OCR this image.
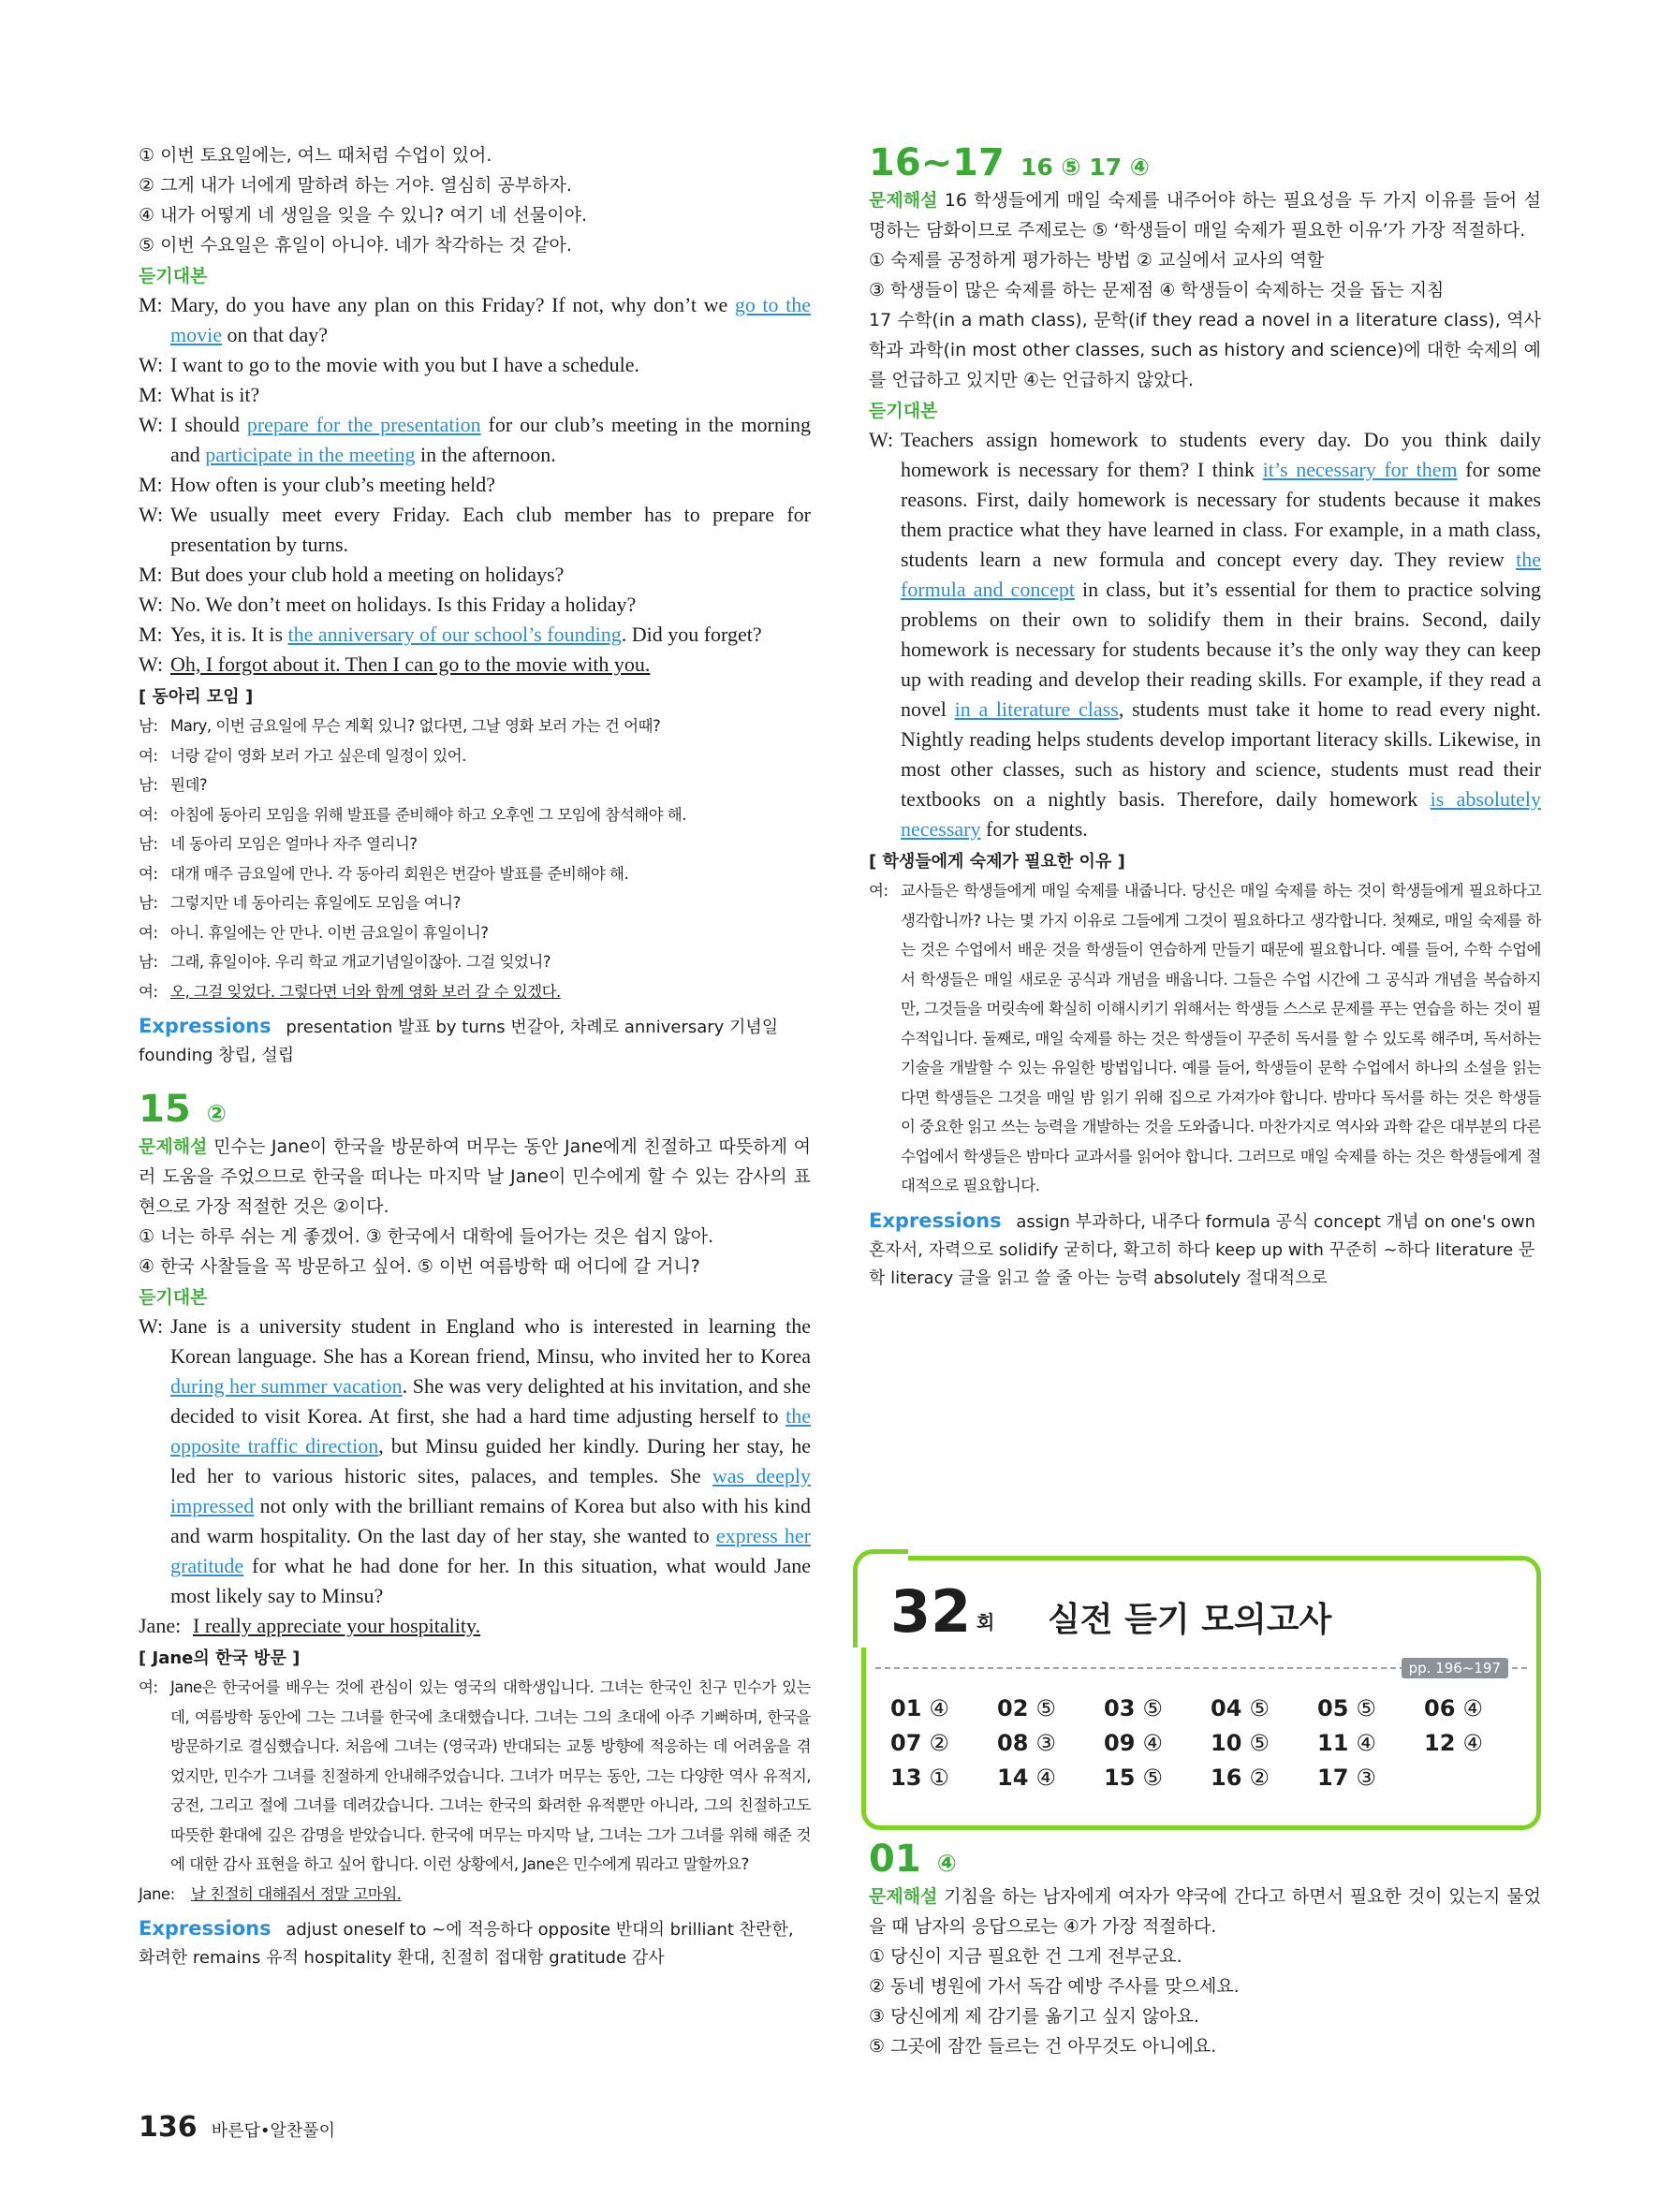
① 이번 토요일에는, 여느 때처럼 수업이 있어.
② 그게 내가 너에게 말하려 하는 거야. 열심히 공부하자.
④ 내가 어떻게 네 생일을 잊을 수 있니? 여기 네 선물이야.
⑤ 이번 수요일은 휴일이 아니야. 네가 착각하는 것 같아.
듣기대본
M: Mary, do you have any plan on this Friday? If not, why don’t we go to the movie on that day?
W: I want to go to the movie with you but I have a schedule.
M: What is it?
W: I should prepare for the presentation for our club’s meeting in the morning and participate in the meeting in the afternoon.
M: How often is your club’s meeting held?
W: We usually meet every Friday. Each club member has to prepare for presentation by turns.
M: But does your club hold a meeting on holidays?
W: No. We don’t meet on holidays. Is this Friday a holiday?
M: Yes, it is. It is the anniversary of our school’s founding. Did you forget?
W: Oh, I forgot about it. Then I can go to the movie with you.
[ 동아리 모임 ]
남: Mary, 이번 금요일에 무슨 계획 있니? 없다면, 그날 영화 보러 가는 건 어때?
여: 너랑 같이 영화 보러 가고 싶은데 일정이 있어.
남: 뭔데?
여: 아침에 동아리 모임을 위해 발표를 준비해야 하고 오후엔 그 모임에 참석해야 해.
남: 네 동아리 모임은 얼마나 자주 열리니?
여: 대개 매주 금요일에 만나. 각 동아리 회원은 번갈아 발표를 준비해야 해.
남: 그렇지만 네 동아리는 휴일에도 모임을 여니?
여: 아니. 휴일에는 안 만나. 이번 금요일이 휴일이니?
남: 그래, 휴일이야. 우리 학교 개교기념일이잖아. 그걸 잊었니?
여: 오, 그걸 잊었다. 그렇다면 너와 함께 영화 보러 갈 수 있겠다.
Expressions presentation 발표 by turns 번갈아, 차례로 anniversary 기념일 founding 창립, 설립
15 ②
문제해설 민수는 Jane이 한국을 방문하여 머무는 동안 Jane에게 친절하고 따뜻하게 여러 도움을 주었으므로 한국을 떠나는 마지막 날 Jane이 민수에게 할 수 있는 감사의 표현으로 가장 적절한 것은 ②이다.
① 너는 하루 쉬는 게 좋겠어. ③ 한국에서 대학에 들어가는 것은 쉽지 않아.
④ 한국 사찰들을 꼭 방문하고 싶어. ⑤ 이번 여름방학 때 어디에 갈 거니?
듣기대본
W: Jane is a university student in England who is interested in learning the Korean language. She has a Korean friend, Minsu, who invited her to Korea during her summer vacation. She was very delighted at his invitation, and she decided to visit Korea. At first, she had a hard time adjusting herself to the opposite traffic direction, but Minsu guided her kindly. During her stay, he led her to various historic sites, palaces, and temples. She was deeply impressed not only with the brilliant remains of Korea but also with his kind and warm hospitality. On the last day of her stay, she wanted to express her gratitude for what he had done for her. In this situation, what would Jane most likely say to Minsu?
Jane: I really appreciate your hospitality.
[ Jane의 한국 방문 ]
여: Jane은 한국어를 배우는 것에 관심이 있는 영국의 대학생입니다. 그녀는 한국인 친구 민수가 있는데, 여름방학 동안에 그는 그녀를 한국에 초대했습니다. 그녀는 그의 초대에 아주 기뻐하며, 한국을 방문하기로 결심했습니다. 처음에 그녀는 (영국과) 반대되는 교통 방향에 적응하는 데 어려움을 겪었지만, 민수가 그녀를 친절하게 안내해주었습니다. 그녀가 머무는 동안, 그는 다양한 역사 유적지, 궁전, 그리고 절에 그녀를 데려갔습니다. 그녀는 한국의 화려한 유적뿐만 아니라, 그의 친절하고도 따뜻한 환대에 깊은 감명을 받았습니다. 한국에 머무는 마지막 날, 그녀는 그가 그녀를 위해 해준 것에 대한 감사 표현을 하고 싶어 합니다. 이런 상황에서, Jane은 민수에게 뭐라고 말할까요?
Jane:	날 친절히 대해줘서 정말 고마워.
Expressions adjust oneself to ~에 적응하다 opposite 반대의 brilliant 찬란한, 화려한 remains 유적 hospitality 환대, 친절히 접대함 gratitude 감사
16~17 16 ⑤ 17 ④
문제해설 16 학생들에게 매일 숙제를 내주어야 하는 필요성을 두 가지 이유를 들어 설명하는 담화이므로 주제로는 ⑤ ‘학생들이 매일 숙제가 필요한 이유’가 가장 적절하다.
① 숙제를 공정하게 평가하는 방법 ② 교실에서 교사의 역할
③ 학생들이 많은 숙제를 하는 문제점 ④ 학생들이 숙제하는 것을 돕는 지침
17 수학(in a math class), 문학(if they read a novel in a literature class), 역사학과 과학(in most other classes, such as history and science)에 대한 숙제의 예를 언급하고 있지만 ④는 언급하지 않았다.
듣기대본
W: Teachers assign homework to students every day. Do you think daily homework is necessary for them? I think it’s necessary for them for some reasons. First, daily homework is necessary for students because it makes them practice what they have learned in class. For example, in a math class, students learn a new formula and concept every day. They review the formula and concept in class, but it’s essential for them to practice solving problems on their own to solidify them in their brains. Second, daily homework is necessary for students because it’s the only way they can keep up with reading and develop their reading skills. For example, if they read a novel in a literature class, students must take it home to read every night. Nightly reading helps students develop important literacy skills. Likewise, in most other classes, such as history and science, students must read their textbooks on a nightly basis. Therefore, daily homework is absolutely necessary for students.
[ 학생들에게 숙제가 필요한 이유 ]
여: 교사들은 학생들에게 매일 숙제를 내줍니다. 당신은 매일 숙제를 하는 것이 학생들에게 필요하다고 생각합니까? 나는 몇 가지 이유로 그들에게 그것이 필요하다고 생각합니다. 첫째로, 매일 숙제를 하는 것은 수업에서 배운 것을 학생들이 연습하게 만들기 때문에 필요합니다. 예를 들어, 수학 수업에서 학생들은 매일 새로운 공식과 개념을 배웁니다. 그들은 수업 시간에 그 공식과 개념을 복습하지만, 그것들을 머릿속에 확실히 이해시키기 위해서는 학생들 스스로 문제를 푸는 연습을 하는 것이 필수적입니다. 둘째로, 매일 숙제를 하는 것은 학생들이 꾸준히 독서를 할 수 있도록 해주며, 독서하는 기술을 개발할 수 있는 유일한 방법입니다. 예를 들어, 학생들이 문학 수업에서 하나의 소설을 읽는다면 학생들은 그것을 매일 밤 읽기 위해 집으로 가져가야 합니다. 밤마다 독서를 하는 것은 학생들이 중요한 읽고 쓰는 능력을 개발하는 것을 도와줍니다. 마찬가지로 역사와 과학 같은 대부분의 다른 수업에서 학생들은 밤마다 교과서를 읽어야 합니다. 그러므로 매일 숙제를 하는 것은 학생들에게 절대적으로 필요합니다.
Expressions assign 부과하다, 내주다 formula 공식 concept 개념 on one's own 혼자서, 자력으로 solidify 굳히다, 확고히 하다 keep up with 꾸준히 ~하다 literature 문학 literacy 글을 읽고 쓸 줄 아는 능력 absolutely 절대적으로
32 회 실전 듣기 모의고사
pp. 196~197
01 ④	02 ⑤	03 ⑤	04 ⑤	05 ⑤	06 ④
07 ②	08 ③	09 ④	10 ⑤	11 ④	12 ④
13 ①	14 ④	15 ⑤	16 ②	17 ③
01 ④
문제해설 기침을 하는 남자에게 여자가 약국에 간다고 하면서 필요한 것이 있는지 물었을 때 남자의 응답으로는 ④가 가장 적절하다.
① 당신이 지금 필요한 건 그게 전부군요.
② 동네 병원에 가서 독감 예방 주사를 맞으세요.
③ 당신에게 제 감기를 옮기고 싶지 않아요.
⑤ 그곳에 잠깐 들르는 건 아무것도 아니에요.
136 바른답•알찬풀이
